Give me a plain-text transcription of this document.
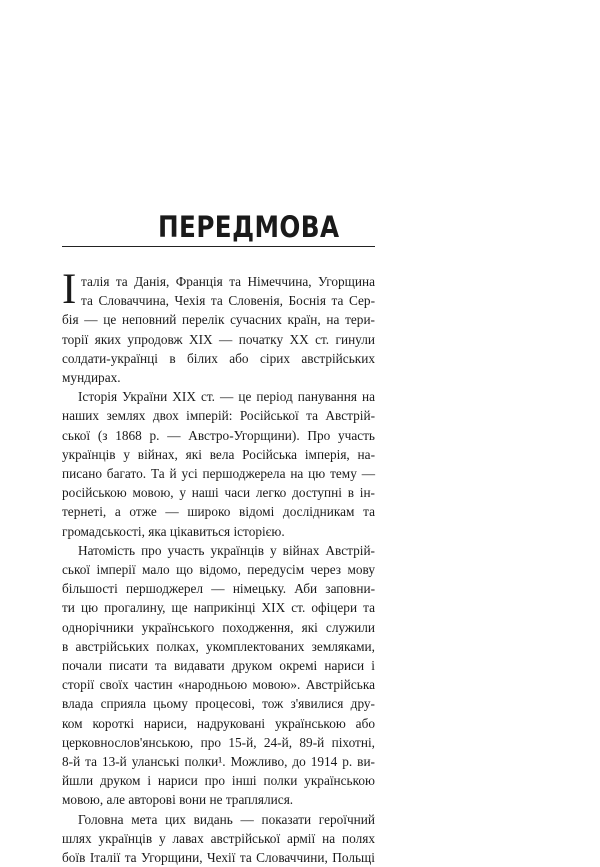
ПЕРЕДМОВА
І талія та Данія, Франція та Німеччина, Угорщина
та Словаччина, Чехія та Словенія, Боснія та Сер-
бія — це неповний перелік сучасних країн, на тери-
торії яких упродовж XIX — початку XX ст. гинули
солдати-українці в білих або сірих австрійських
мундирах.
Історія України XIX ст. — це період панування на
наших землях двох імперій: Російської та Австрій-
ської (з 1868 р. — Австро-Угорщини). Про участь
українців у війнах, які вела Російська імперія, на-
писано багато. Та й усі першоджерела на цю тему —
російською мовою, у наші часи легко доступні в ін-
тернеті, а отже — широко відомі дослідникам та
громадськості, яка цікавиться історією.
Натомість про участь українців у війнах Австрій-
ської імперії мало що відомо, передусім через мову
більшості першоджерел — німецьку. Аби заповни-
ти цю прогалину, ще наприкінці XIX ст. офіцери та
однорічники українського походження, які служили
в австрійських полках, укомплектованих земляками,
почали писати та видавати друком окремі нариси і
сторії своїх частин «народньою мовою». Австрійська
влада сприяла цьому процесові, тож з'явилися дру-
ком короткі нариси, надруковані українською або
церковнослов'янською, про 15-й, 24-й, 89-й піхотні,
8-й та 13-й уланські полки¹. Можливо, до 1914 р. ви-
йшли друком і нариси про інші полки українською
мовою, але авторові вони не траплялися.
Головна мета цих видань — показати героїчний
шлях українців у лавах австрійської армії на полях
боїв Італії та Угорщини, Чехії та Словаччини, Польщі
